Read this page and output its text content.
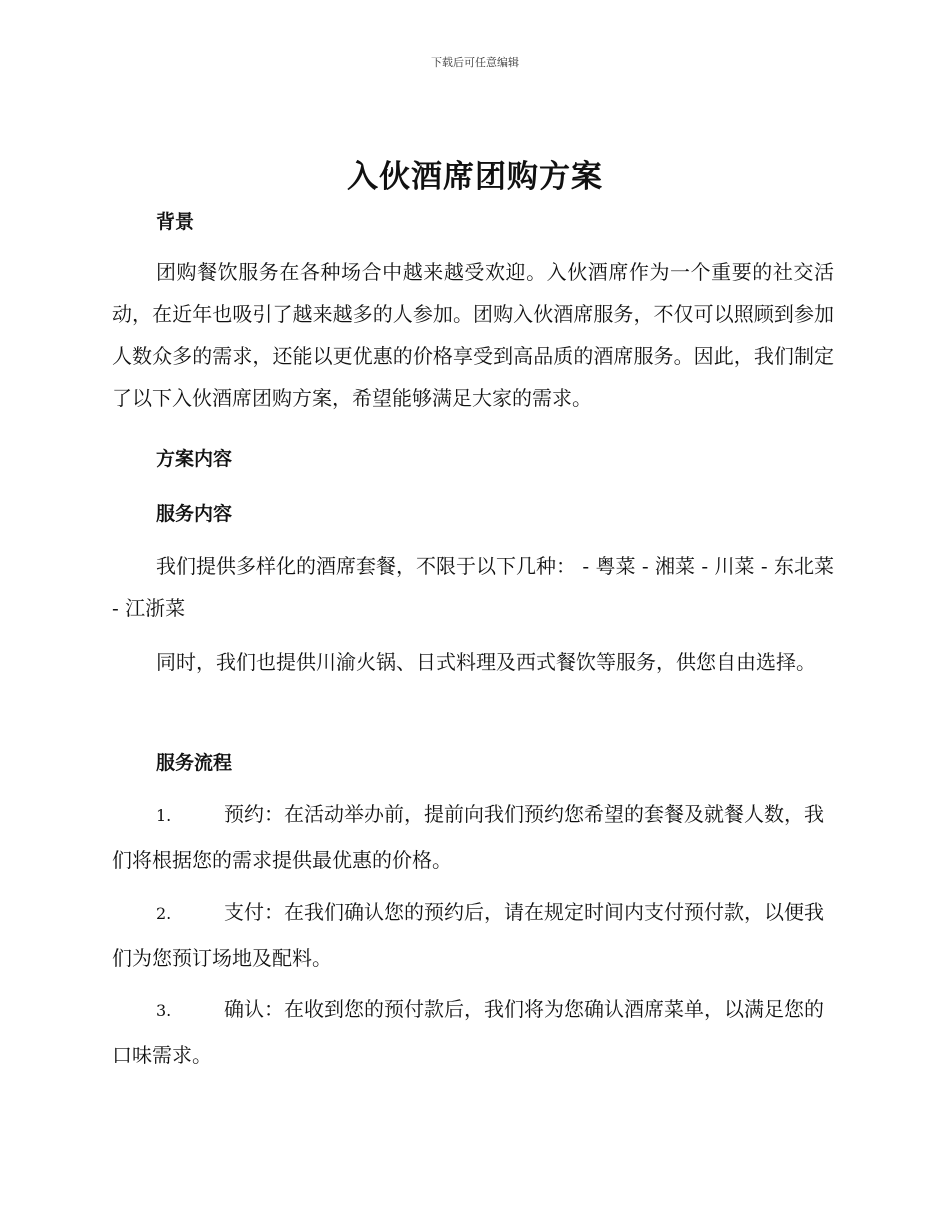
下载后可任意编辑
入伙酒席团购方案
背景
团购餐饮服务在各种场合中越来越受欢迎。入伙酒席作为一个重要的社交活动，在近年也吸引了越来越多的人参加。团购入伙酒席服务，不仅可以照顾到参加人数众多的需求，还能以更优惠的价格享受到高品质的酒席服务。因此，我们制定了以下入伙酒席团购方案，希望能够满足大家的需求。
方案内容
服务内容
我们提供多样化的酒席套餐，不限于以下几种： - 粤菜 - 湘菜 - 川菜 - 东北菜 - 江浙菜
同时，我们也提供川渝火锅、日式料理及西式餐饮等服务，供您自由选择。
服务流程
1.	预约：在活动举办前，提前向我们预约您希望的套餐及就餐人数，我们将根据您的需求提供最优惠的价格。
2.	支付：在我们确认您的预约后，请在规定时间内支付预付款，以便我们为您预订场地及配料。
3.	确认：在收到您的预付款后，我们将为您确认酒席菜单，以满足您的口味需求。
